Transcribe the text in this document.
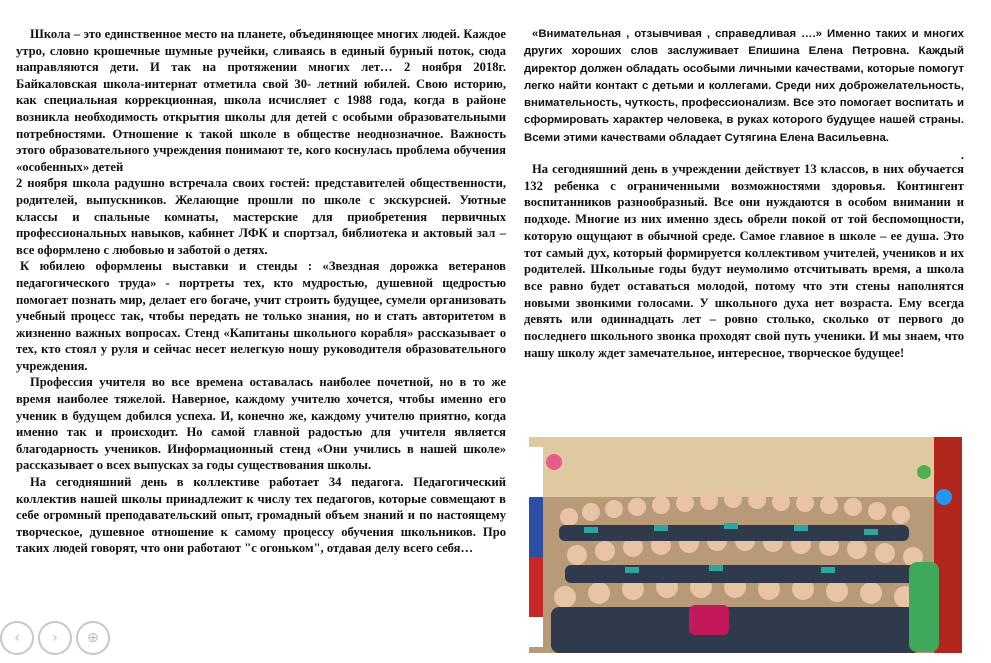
Школа – это единственное место на планете, объединяющее многих людей. Каждое утро, словно крошечные шумные ручейки, сливаясь в единый бурный поток, сюда направляются дети. И так на протяжении многих лет… 2 ноября 2018г. Байкаловская школа-интернат отметила свой 30- летний юбилей. Свою историю, как специальная коррекционная, школа исчисляет с 1988 года, когда в районе возникла необходимость открытия школы для детей с особыми образовательными потребностями. Отношение к такой школе в обществе неоднозначное. Важность этого образовательного учреждения понимают те, кого коснулась проблема обучения «особенных» детей

2 ноября школа радушно встречала своих гостей: представителей общественности, родителей, выпускников. Желающие прошли по школе с экскурсией. Уютные классы и спальные комнаты, мастерские для приобретения первичных профессиональных навыков, кабинет ЛФК и спортзал, библиотека и актовый зал – все оформлено с любовью и заботой о детях.

К юбилею оформлены выставки и стенды : «Звездная дорожка ветеранов педагогического труда» - портреты тех, кто мудростью, душевной щедростью помогает познать мир, делает его богаче, учит строить будущее, сумели организовать учебный процесс так, чтобы передать не только знания, но и стать авторитетом в жизненно важных вопросах. Стенд «Капитаны школьного корабля» рассказывает о тех, кто стоял у руля и сейчас несет нелегкую ношу руководителя образовательного учреждения.

Профессия учителя во все времена оставалась наиболее почетной, но в то же время наиболее тяжелой. Наверное, каждому учителю хочется, чтобы именно его ученик в будущем добился успеха. И, конечно же, каждому учителю приятно, когда именно так и происходит. Но самой главной радостью для учителя является благодарность учеников. Информационный стенд «Они учились в нашей школе» рассказывает о всех выпусках за годы существования школы.

На сегодняшний день в коллективе работает 34 педагога. Педагогический коллектив нашей школы принадлежит к числу тех педагогов, которые совмещают в себе огромный преподавательский опыт, громадный объем знаний и по настоящему творческое, душевное отношение к самому процессу обучения школьников. Про таких людей говорят, что они работают "с огоньком", отдавая делу всего себя…

«Внимательная , отзывчивая , справедливая ….» Именно таких и многих других хороших слов заслуживает Епишина Елена Петровна. Каждый директор должен обладать особыми личными качествами, которые помогут легко найти контакт с детьми и коллегами. Среди них доброжелательность, внимательность, чуткость, профессионализм. Все это помогает воспитать и сформировать характер человека, в руках которого будущее нашей страны. Всеми этими качествами обладает Сутягина Елена Васильевна.

.

На сегодняшний день в учреждении действует 13 классов, в них обучается 132 ребенка с ограниченными возможностями здоровья. Контингент воспитанников разнообразный. Все они нуждаются в особом внимании и подходе. Многие из них именно здесь обрели покой от той беспомощности, которую ощущают в обычной среде. Самое главное в школе – ее душа. Это тот самый дух, который формируется коллективом учителей, учеников и их родителей. Школьные годы будут неумолимо отсчитывать время, а школа все равно будет оставаться молодой, потому что эти стены наполнятся новыми звонкими голосами. У школьного духа нет возраста. Ему всегда девять или одиннадцать лет – ровно столько, сколько от первого до последнего школьного звонка проходят свой путь ученики. И мы знаем, что нашу школу ждет замечательное, интересное, творческое будущее!

‹	›	⊕
